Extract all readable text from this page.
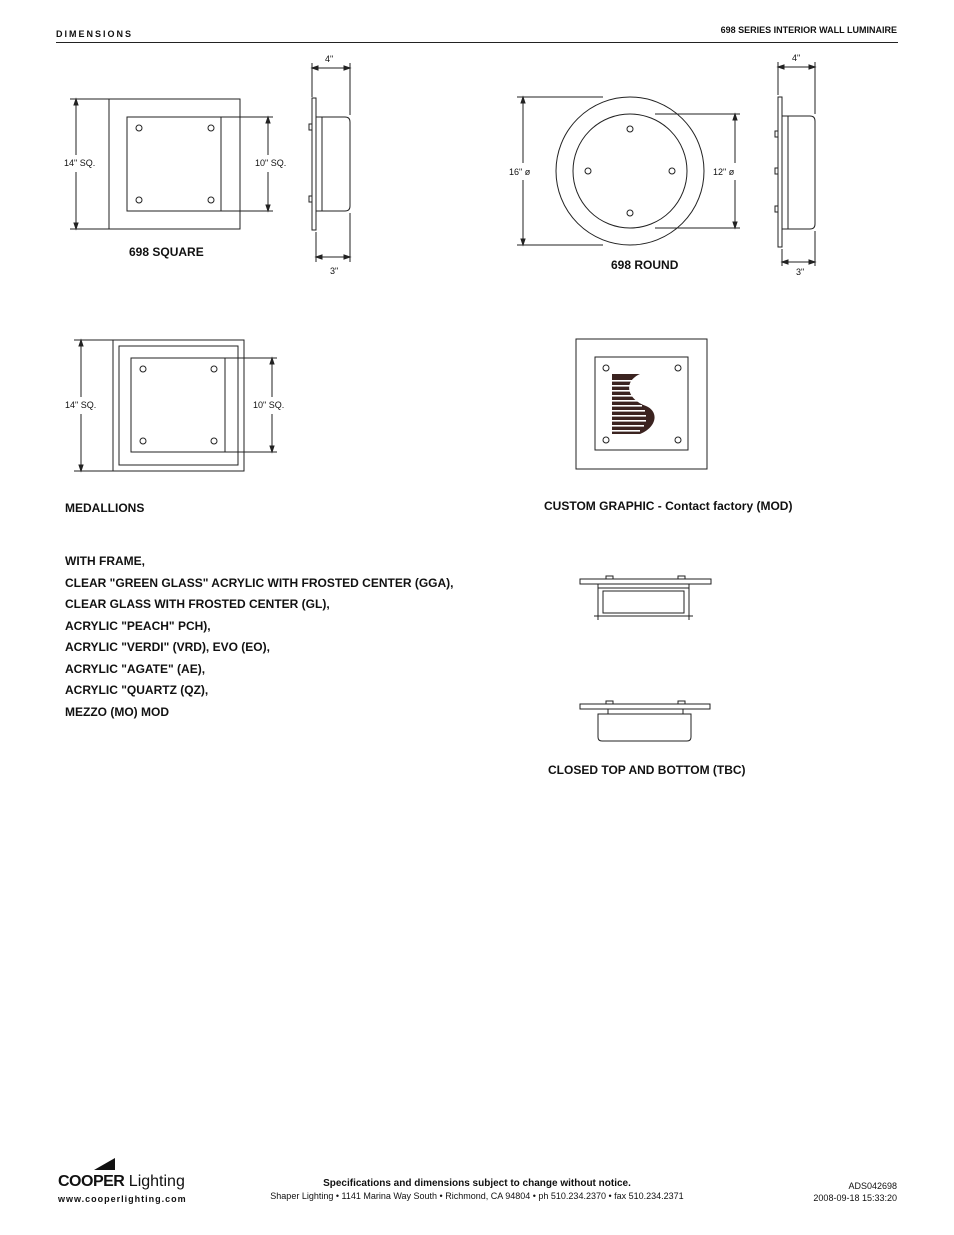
DIMENSIONS	698 SERIES INTERIOR WALL LUMINAIRE
14" SQ.	10" SQ.
4"
3"
16" ø	12" ø
4"
3"
14" SQ.	10" SQ.
698 SQUARE
698 ROUND
MEDALLIONS	CUSTOM GRAPHIC - Contact factory (MOD)
WITH FRAME,
CLEAR "GREEN GLASS" ACRYLIC WITH FROSTED CENTER (GGA),
CLEAR GLASS WITH FROSTED CENTER (GL),
ACRYLIC "PEACH" PCH),
ACRYLIC "VERDI" (VRD), EVO (EO),
ACRYLIC "AGATE" (AE),
ACRYLIC "QUARTZ (QZ),
MEZZO (MO) MOD
CLOSED TOP AND BOTTOM (TBC)
COOPER Lighting
www.cooperlighting.com
Specifications and dimensions subject to change without notice.
Shaper Lighting • 1141 Marina Way South • Richmond, CA 94804 • ph 510.234.2370 • fax 510.234.2371
ADS042698
2008-09-18 15:33:20
